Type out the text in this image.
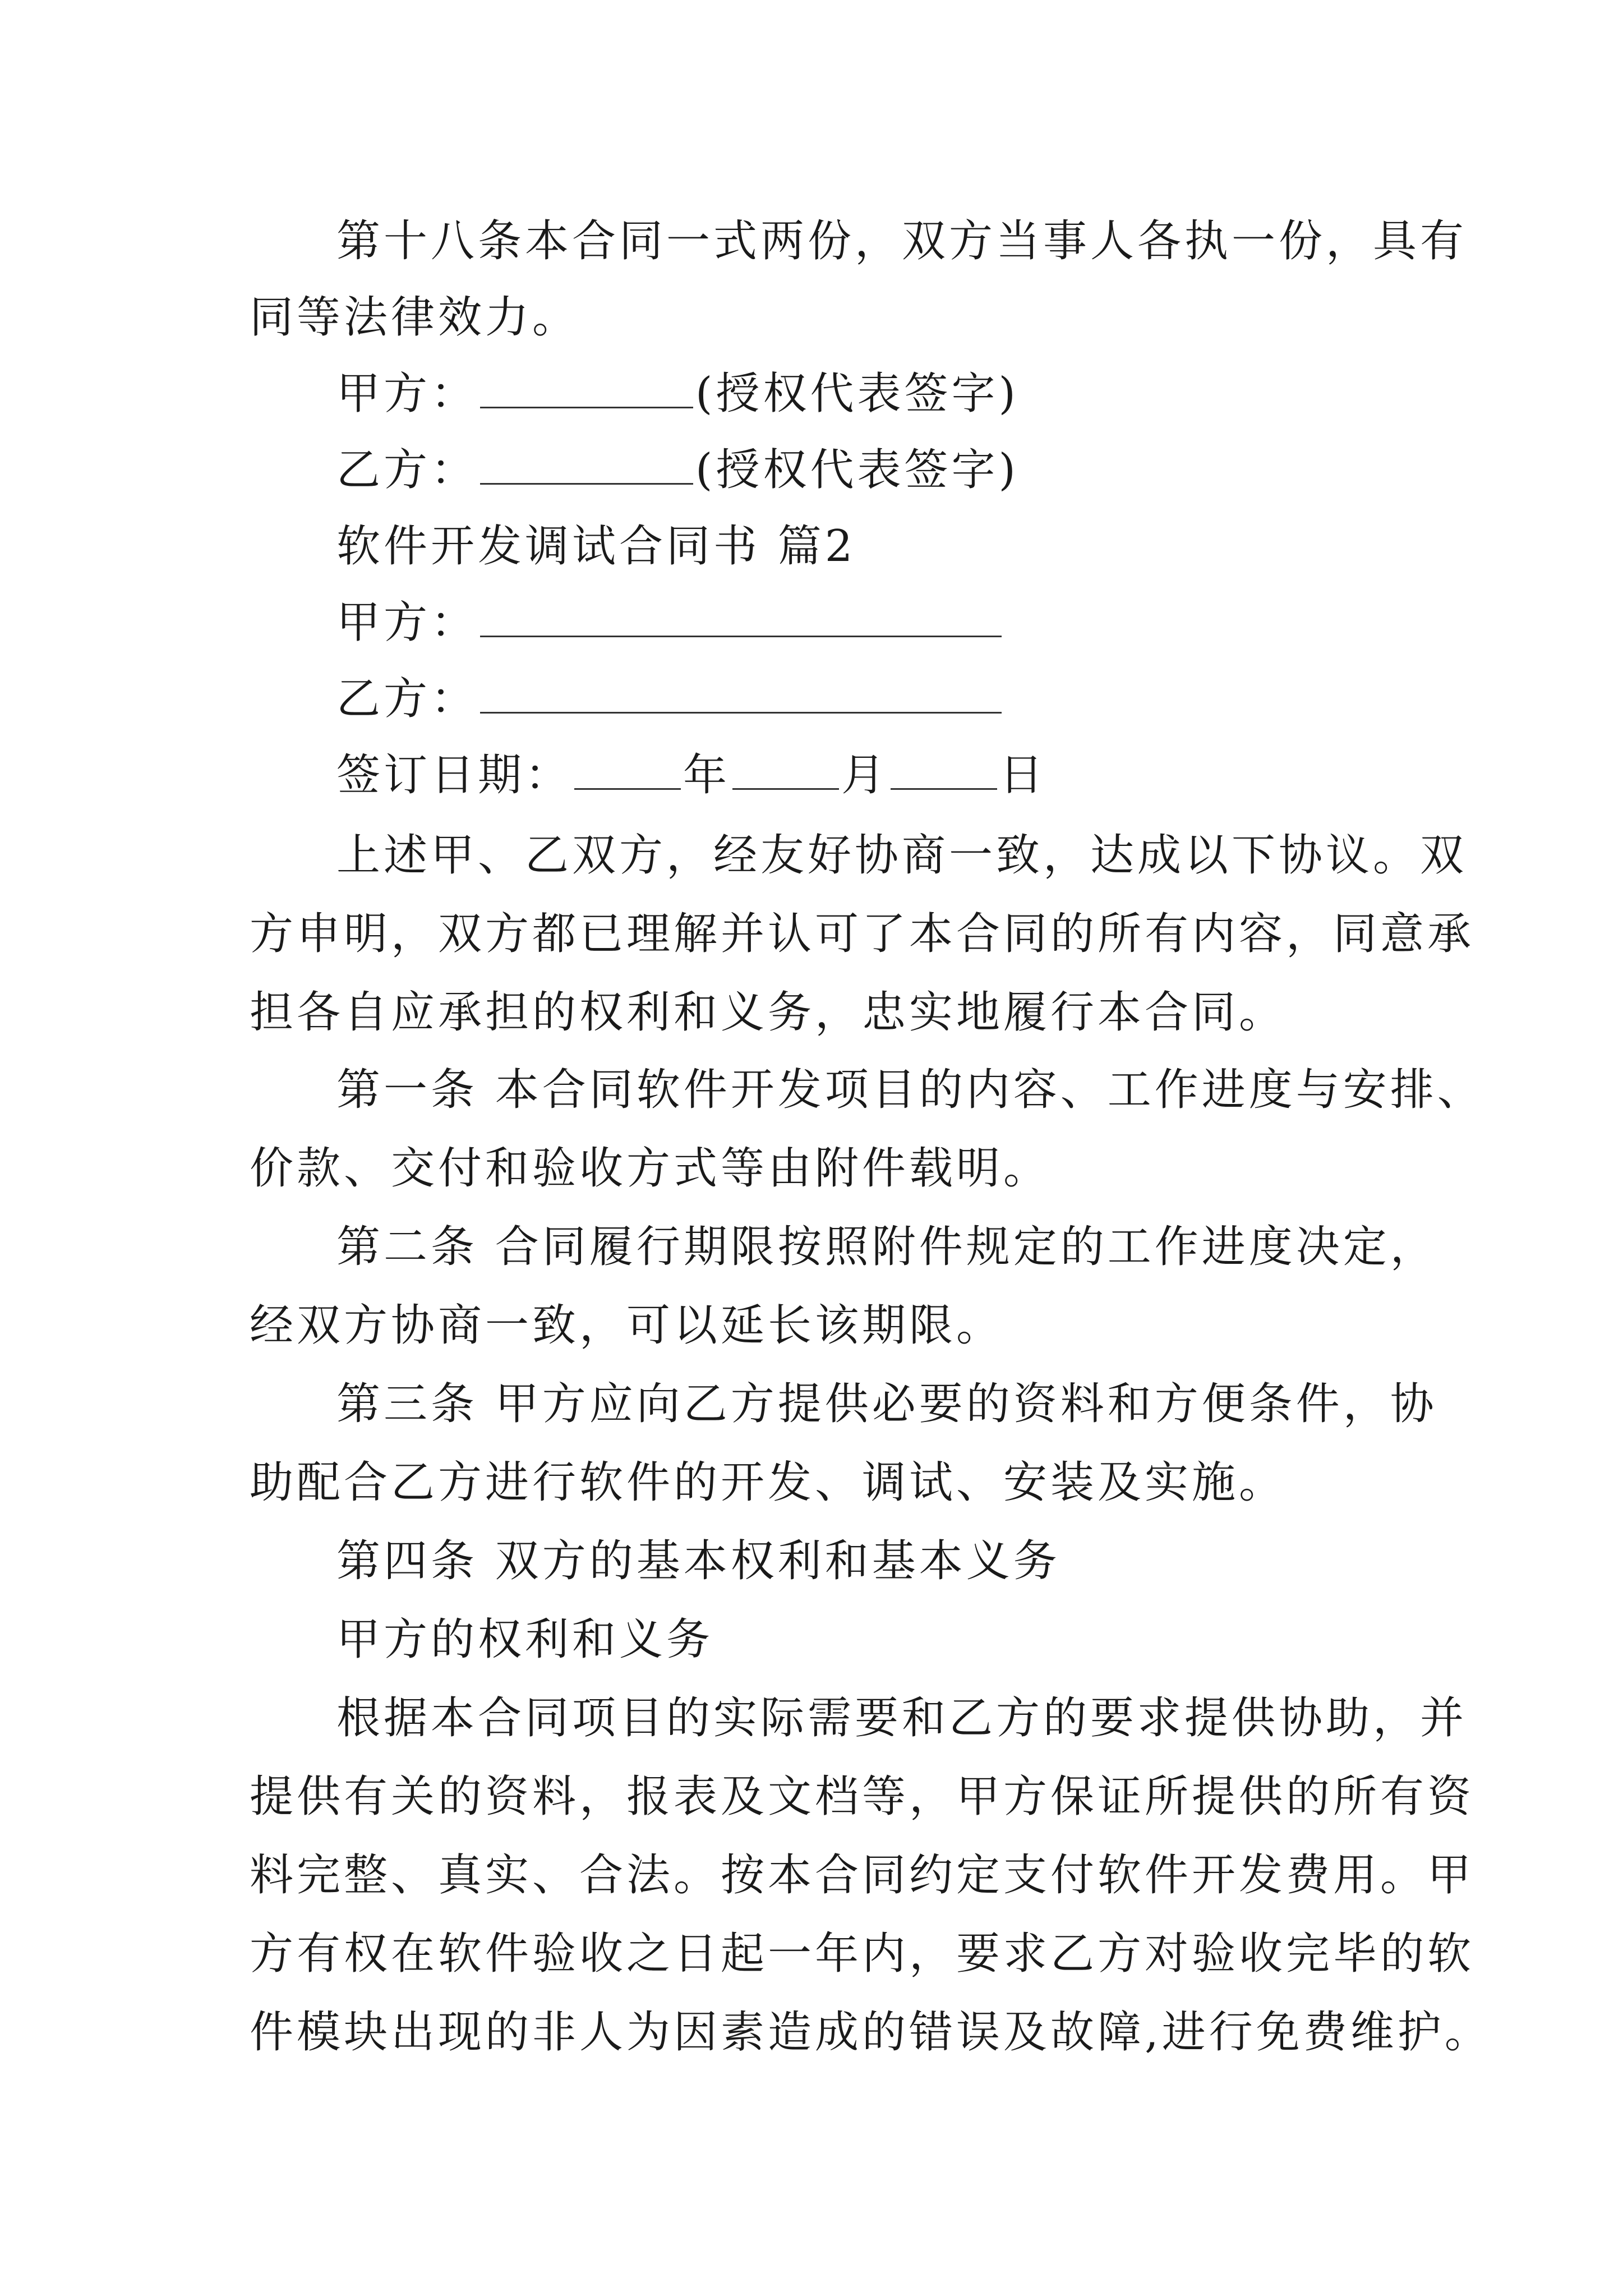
第十八条本合同一式两份，双方当事人各执一份，具有
同等法律效力。
甲方：	(授权代表签字)
乙方：	(授权代表签字)
软件开发调试合同书 篇2
甲方：
乙方：
签订日期：	年	月	日
上述甲、乙双方，经友好协商一致，达成以下协议。双
方申明，双方都已理解并认可了本合同的所有内容，同意承
担各自应承担的权利和义务，忠实地履行本合同。
第一条 本合同软件开发项目的内容、工作进度与安排、
价款、交付和验收方式等由附件载明。
第二条 合同履行期限按照附件规定的工作进度决定，
经双方协商一致，可以延长该期限。
第三条 甲方应向乙方提供必要的资料和方便条件，协
助配合乙方进行软件的开发、调试、安装及实施。
第四条 双方的基本权利和基本义务
甲方的权利和义务
根据本合同项目的实际需要和乙方的要求提供协助，并
提供有关的资料，报表及文档等，甲方保证所提供的所有资
料完整、真实、合法。按本合同约定支付软件开发费用。甲
方有权在软件验收之日起一年内，要求乙方对验收完毕的软
件模块出现的非人为因素造成的错误及故障,进行免费维护。
